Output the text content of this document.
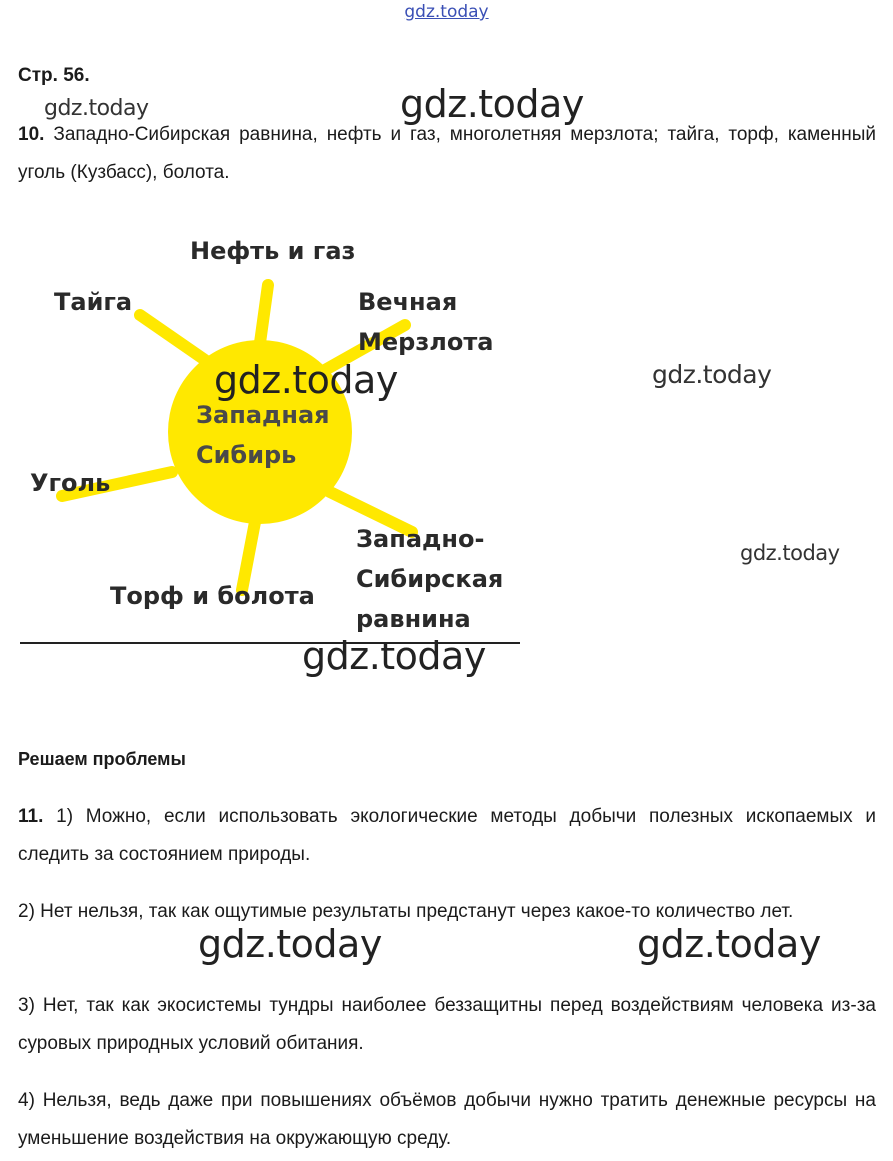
gdz.today
Стр. 56.
gdz.today	gdz.today
10. Западно-Сибирская равнина, нефть и газ, многолетняя мерзлота; тайга, торф, каменный уголь (Кузбасс), болота.
Нефть и газ
Тайга	Вечная
Мерзлота
Западная
Сибирь
Уголь
Торф и болота
Западно-
Сибирская
равнина
gdz.today	gdz.today
gdz.today
gdz.today
Решаем проблемы
11. 1) Можно, если использовать экологические методы добычи полезных ископаемых и следить за состоянием природы.
2) Нет нельзя, так как ощутимые результаты предстанут через какое-то количество лет.
gdz.today	gdz.today
3) Нет, так как экосистемы тундры наиболее беззащитны перед воздействиям человека из-за суровых природных условий обитания.
4) Нельзя, ведь даже при повышениях объёмов добычи нужно тратить денежные ресурсы на уменьшение воздействия на окружающую среду.
